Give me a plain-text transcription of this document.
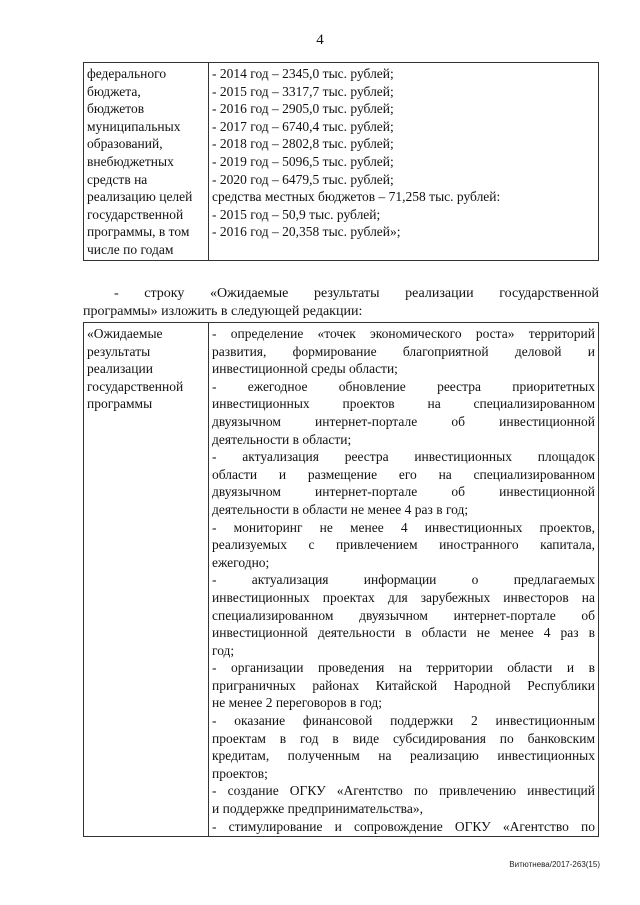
4
федерального
бюджета,
бюджетов
муниципальных
образований,
внебюджетных
средств на
реализацию целей
государственной
программы, в том
числе по годам

- 2014 год – 2345,0 тыс. рублей;
- 2015 год – 3317,7 тыс. рублей;
- 2016 год – 2905,0 тыс. рублей;
- 2017 год – 6740,4 тыс. рублей;
- 2018 год – 2802,8 тыс. рублей;
- 2019 год – 5096,5 тыс. рублей;
- 2020 год – 6479,5 тыс. рублей;
средства местных бюджетов – 71,258 тыс. рублей:
- 2015 год – 50,9 тыс. рублей;
- 2016 год – 20,358 тыс. рублей»;
- строку «Ожидаемые результаты реализации государственной
программы» изложить в следующей редакции:
«Ожидаемые
результаты
реализации
государственной
программы

- определение «точек экономического роста» территорий
развития, формирование благоприятной деловой и
инвестиционной среды области;
- ежегодное обновление реестра приоритетных
инвестиционных проектов на специализированном
двуязычном интернет-портале об инвестиционной
деятельности в области;
- актуализация реестра инвестиционных площадок
области и размещение его на специализированном
двуязычном интернет-портале об инвестиционной
деятельности в области не менее 4 раз в год;
- мониторинг не менее 4 инвестиционных проектов,
реализуемых с привлечением иностранного капитала,
ежегодно;
- актуализация информации о предлагаемых
инвестиционных проектах для зарубежных инвесторов на
специализированном двуязычном интернет-портале об
инвестиционной деятельности в области не менее 4 раз в
год;
- организации проведения на территории области и в
приграничных районах Китайской Народной Республики
не менее 2 переговоров в год;
- оказание финансовой поддержки 2 инвестиционным
проектам в год в виде субсидирования по банковским
кредитам, полученным на реализацию инвестиционных
проектов;
- создание ОГКУ «Агентство по привлечению инвестиций
и поддержке предпринимательства»,
- стимулирование и сопровождение ОГКУ «Агентство по
Витютнева/2017-263(15)
